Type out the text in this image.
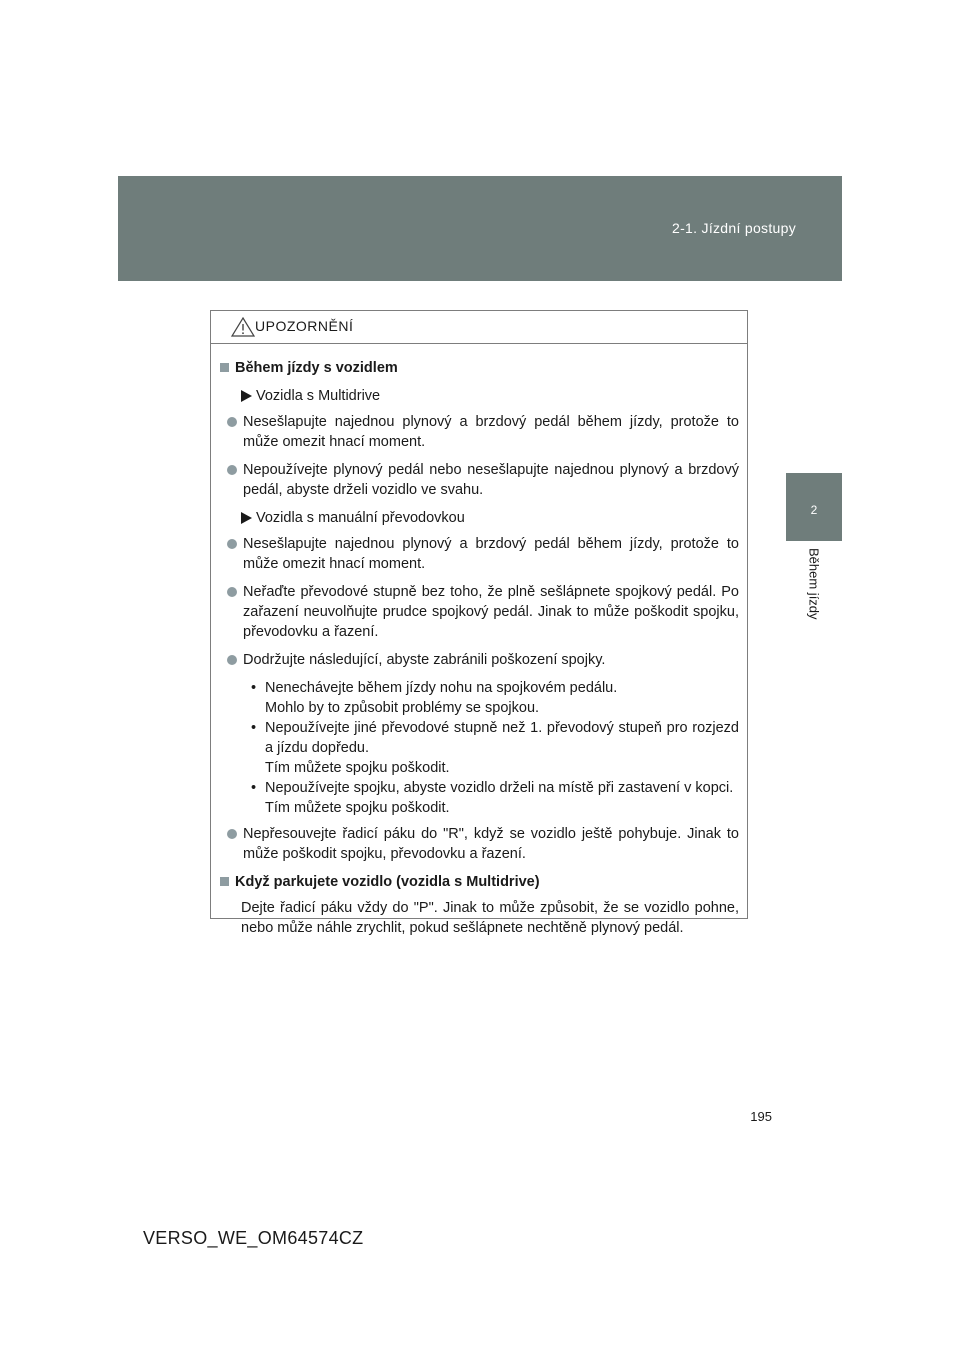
2-1. Jízdní postupy
2
Během jízdy
UPOZORNĚNÍ
Během jízdy s vozidlem
Vozidla s Multidrive
Nesešlapujte najednou plynový a brzdový pedál během jízdy, protože to může omezit hnací moment.
Nepoužívejte plynový pedál nebo nesešlapujte najednou plynový a brzdový pedál, abyste drželi vozidlo ve svahu.
Vozidla s manuální převodovkou
Nesešlapujte najednou plynový a brzdový pedál během jízdy, protože to může omezit hnací moment.
Neřaďte převodové stupně bez toho, že plně sešlápnete spojkový pedál. Po zařazení neuvolňujte prudce spojkový pedál. Jinak to může poškodit spojku, převodovku a řazení.
Dodržujte následující, abyste zabránili poškození spojky.
• Nenechávejte během jízdy nohu na spojkovém pedálu.
Mohlo by to způsobit problémy se spojkou.
• Nepoužívejte jiné převodové stupně než 1. převodový stupeň pro rozjezd a jízdu dopředu.
Tím můžete spojku poškodit.
• Nepoužívejte spojku, abyste vozidlo drželi na místě při zastavení v kopci.
Tím můžete spojku poškodit.
Nepřesouvejte řadicí páku do "R", když se vozidlo ještě pohybuje. Jinak to může poškodit spojku, převodovku a řazení.
Když parkujete vozidlo (vozidla s Multidrive)
Dejte řadicí páku vždy do "P". Jinak to může způsobit, že se vozidlo pohne, nebo může náhle zrychlit, pokud sešlápnete nechtěně plynový pedál.
195
VERSO_WE_OM64574CZ
